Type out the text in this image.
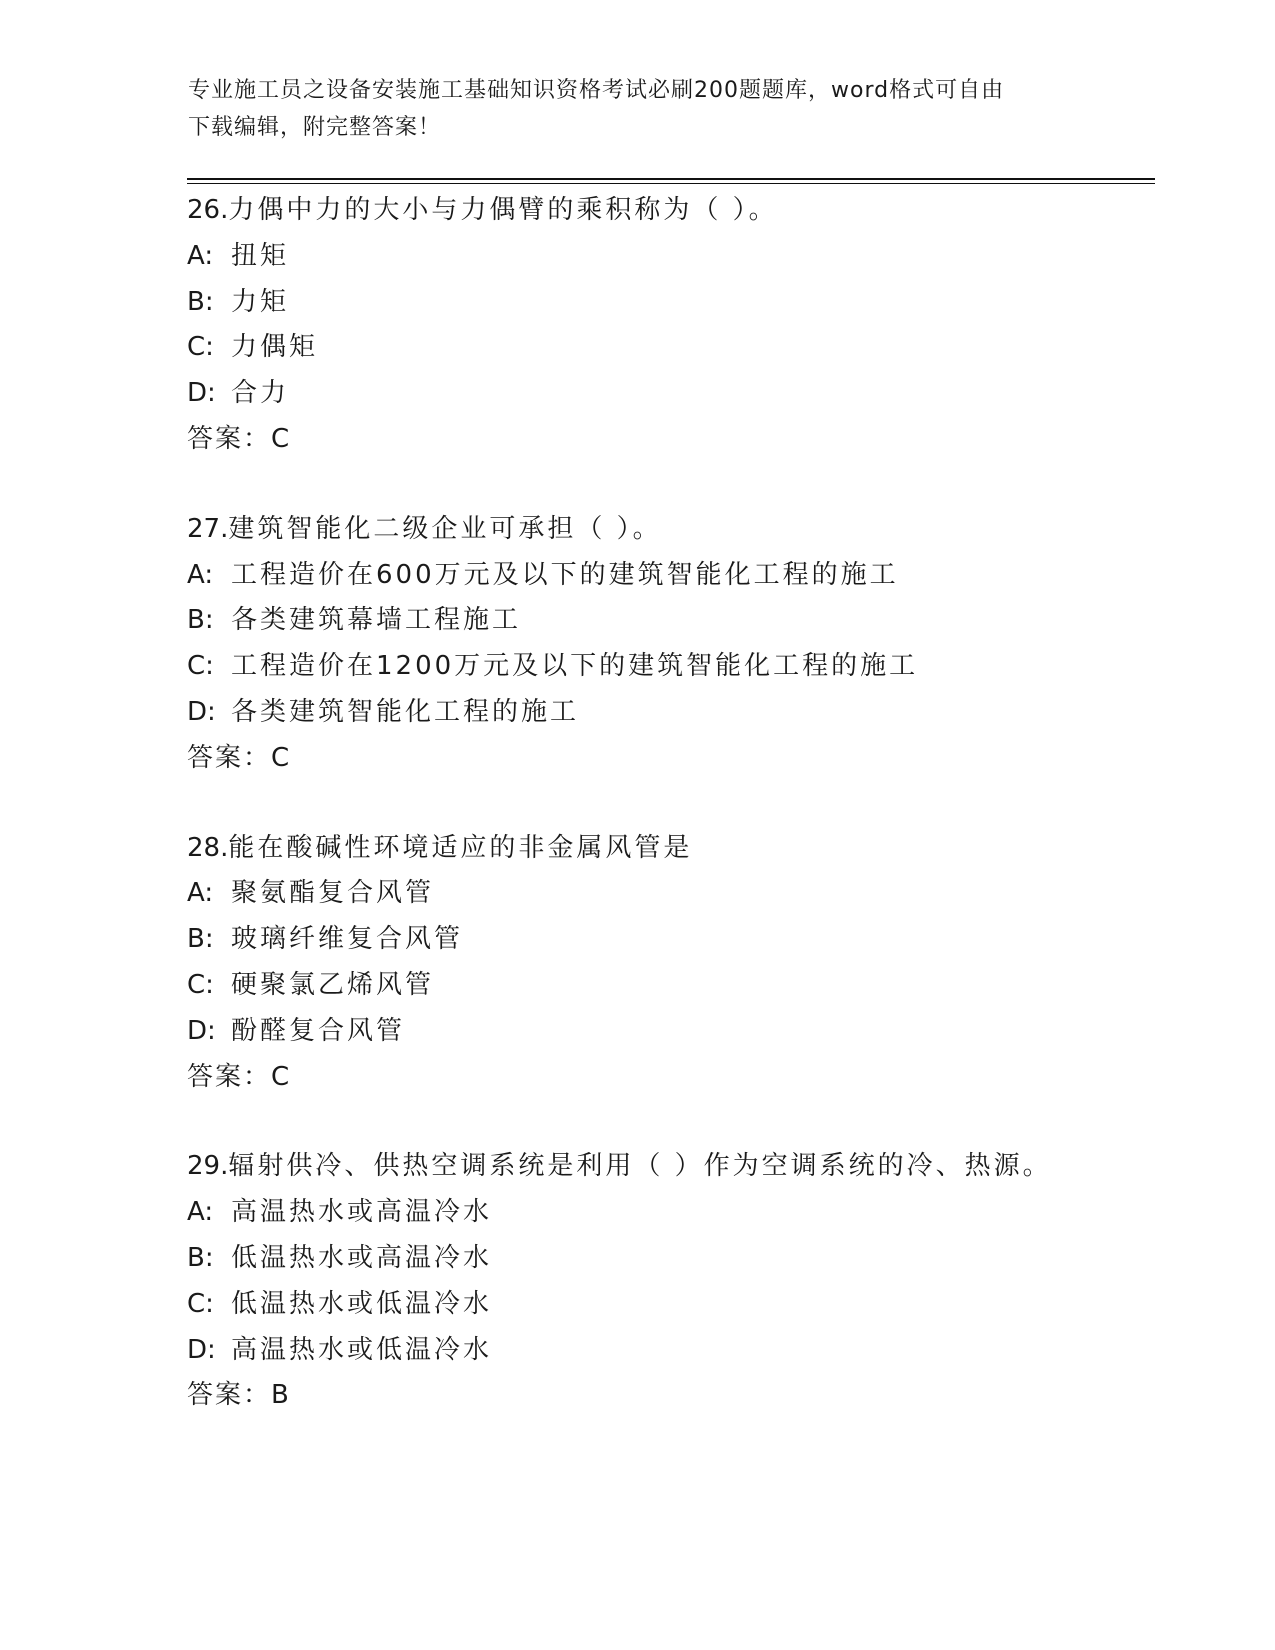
专业施工员之设备安装施工基础知识资格考试必刷200题题库，word格式可自由
下载编辑，附完整答案！
26.力偶中力的大小与力偶臂的乘积称为（ ）。
A: 扭矩
B: 力矩
C: 力偶矩
D: 合力
答案：C
27.建筑智能化二级企业可承担（ ）。
A: 工程造价在600万元及以下的建筑智能化工程的施工
B: 各类建筑幕墙工程施工
C: 工程造价在1200万元及以下的建筑智能化工程的施工
D: 各类建筑智能化工程的施工
答案：C
28.能在酸碱性环境适应的非金属风管是
A: 聚氨酯复合风管
B: 玻璃纤维复合风管
C: 硬聚氯乙烯风管
D: 酚醛复合风管
答案：C
29.辐射供冷、供热空调系统是利用（ ）作为空调系统的冷、热源。
A: 高温热水或高温冷水
B: 低温热水或高温冷水
C: 低温热水或低温冷水
D: 高温热水或低温冷水
答案：B
